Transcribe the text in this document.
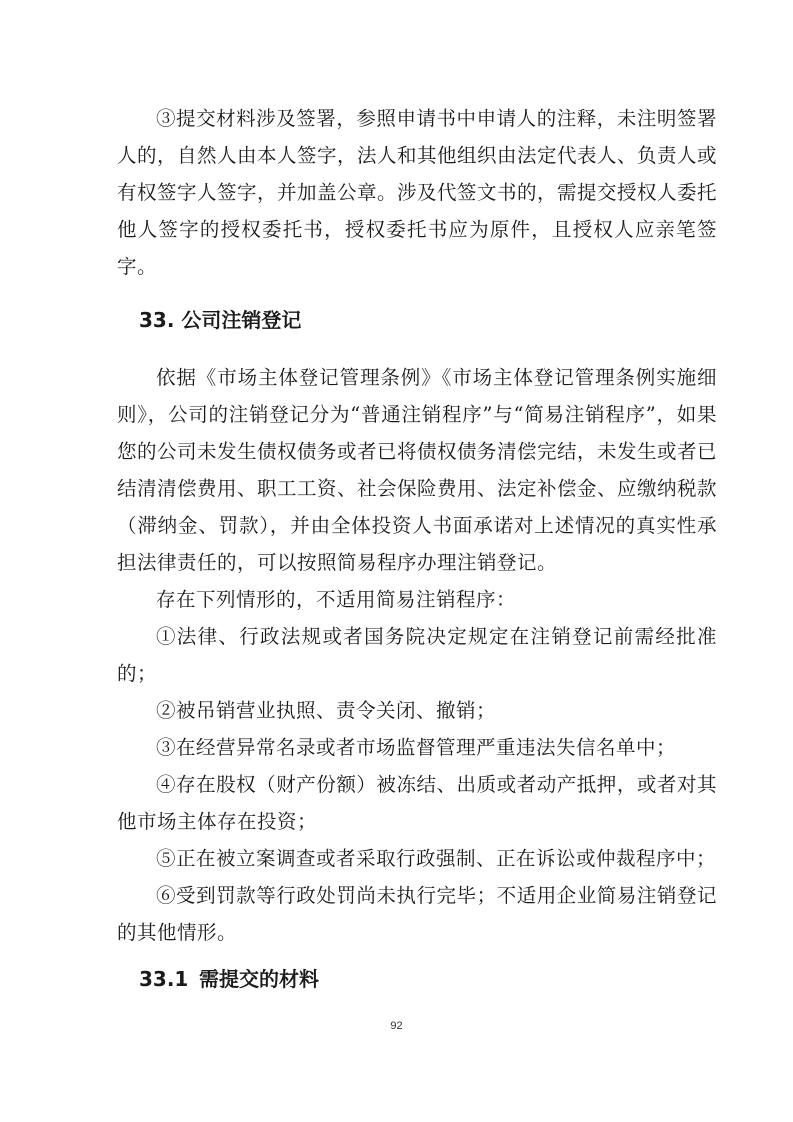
③提交材料涉及签署，参照申请书中申请人的注释，未注明签署人的，自然人由本人签字，法人和其他组织由法定代表人、负责人或有权签字人签字，并加盖公章。涉及代签文书的，需提交授权人委托他人签字的授权委托书，授权委托书应为原件，且授权人应亲笔签字。

33. 公司注销登记

依据《市场主体登记管理条例》《市场主体登记管理条例实施细则》，公司的注销登记分为“普通注销程序”与“简易注销程序”，如果您的公司未发生债权债务或者已将债权债务清偿完结，未发生或者已结清清偿费用、职工工资、社会保险费用、法定补偿金、应缴纳税款（滞纳金、罚款），并由全体投资人书面承诺对上述情况的真实性承担法律责任的，可以按照简易程序办理注销登记。

存在下列情形的，不适用简易注销程序：

①法律、行政法规或者国务院决定规定在注销登记前需经批准的；

②被吊销营业执照、责令关闭、撤销；

③在经营异常名录或者市场监督管理严重违法失信名单中；

④存在股权（财产份额）被冻结、出质或者动产抵押，或者对其他市场主体存在投资；

⑤正在被立案调查或者采取行政强制、正在诉讼或仲裁程序中；

⑥受到罚款等行政处罚尚未执行完毕；不适用企业简易注销登记的其他情形。

33.1 需提交的材料
92
